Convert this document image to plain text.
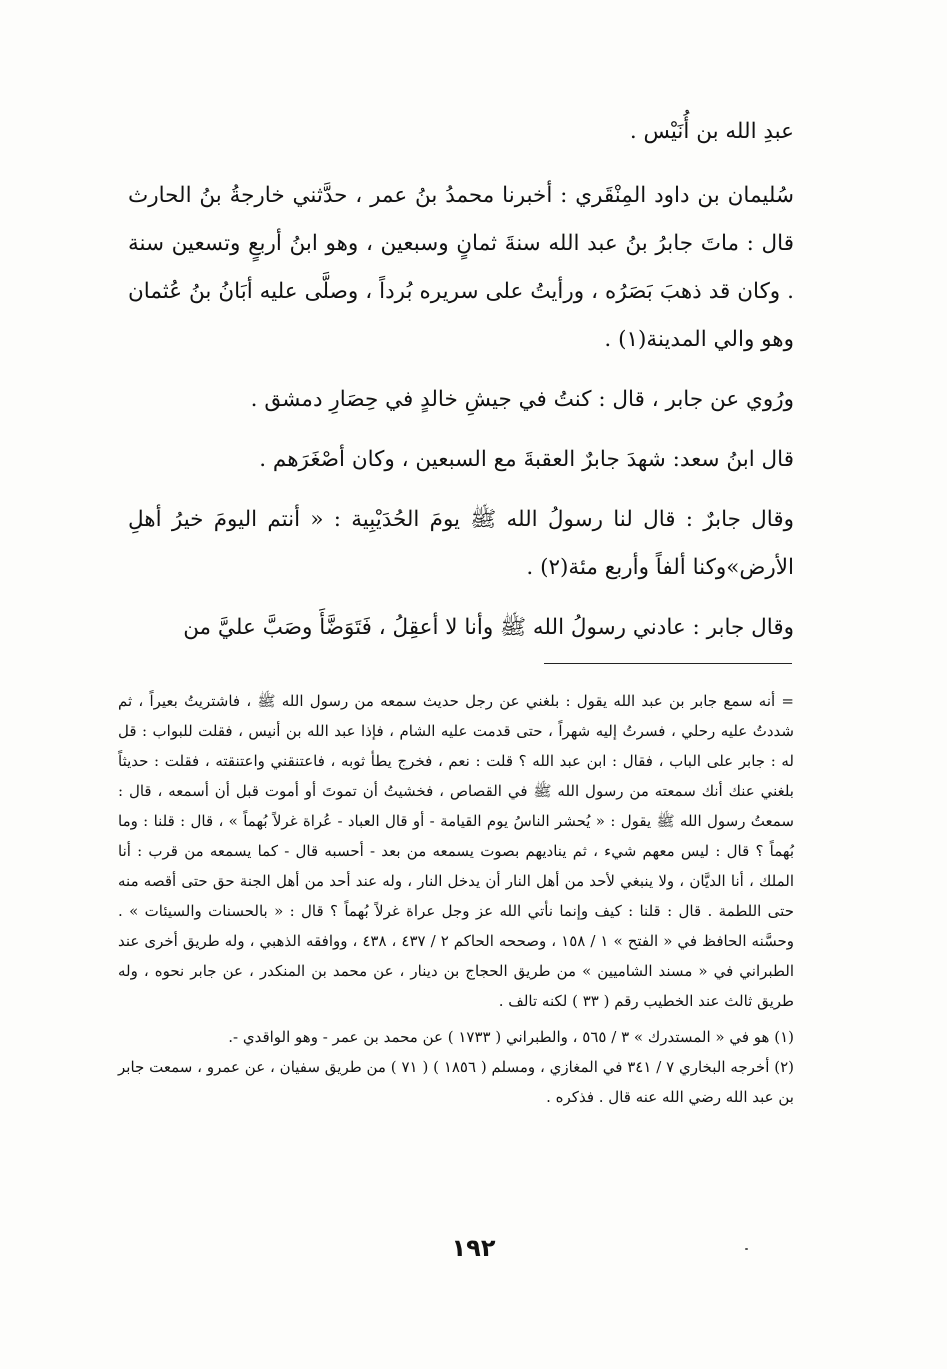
عبدِ الله بن أُنَيْس .

سُليمان بن داود المِنْقَري : أخبرنا محمدُ بنُ عمر ، حدَّثني خارجةُ بنُ الحارث قال : ماتَ جابرُ بنُ عبد الله سنةَ ثمانٍ وسبعين ، وهو ابنُ أربعٍ وتسعين سنة . وكان قد ذهبَ بَصَرُه ، ورأيتُ على سريره بُرداً ، وصلَّى عليه أبَانُ بنُ عُثمان وهو والي المدينة(١) .

ورُوي عن جابر ، قال : كنتُ في جيشِ خالدٍ في حِصَارِ دمشق .

قال ابنُ سعد: شهدَ جابرٌ العقبةَ مع السبعين ، وكان أصْغَرَهم .

وقال جابرٌ : قال لنا رسولُ الله ﷺ يومَ الحُدَيْبِية : « أنتم اليومَ خيرُ أهلِ الأرض»وكنا ألفاً وأربع مئة(٢) .

وقال جابر : عادني رسولُ الله ﷺ وأنا لا أعقِلُ ، فَتَوَضَّأَ وصَبَّ عليَّ من

= أنه سمع جابر بن عبد الله يقول : بلغني عن رجل حديث سمعه من رسول الله ﷺ ، فاشتريتُ بعيراً ، ثم شددتُ عليه رحلي ، فسرتُ إليه شهراً ، حتى قدمت عليه الشام ، فإذا عبد الله بن أنيس ، فقلت للبواب : قل له : جابر على الباب ، فقال : ابن عبد الله ؟ قلت : نعم ، فخرج يطأ ثوبه ، فاعتنقني واعتنقته ، فقلت : حديثاً بلغني عنك أنك سمعته من رسول الله ﷺ في القصاص ، فخشيتُ أن تموتَ أو أموت قبل أن أسمعه ، قال : سمعتُ رسول الله ﷺ يقول : « يُحشر الناسُ يوم القيامة - أو قال العباد - عُراة غرلاً بُهماً » ، قال : قلنا : وما بُهماً ؟ قال : ليس معهم شيء ، ثم يناديهم بصوت يسمعه من بعد - أحسبه قال - كما يسمعه من قرب : أنا الملك ، أنا الديَّان ، ولا ينبغي لأحد من أهل النار أن يدخل النار ، وله عند أحد من أهل الجنة حق حتى أقصه منه حتى اللطمة . قال : قلنا : كيف وإنما نأتي الله عز وجل عراة غرلاً بُهماً ؟ قال : « بالحسنات والسيئات » . وحسَّنه الحافظ في « الفتح » ١ / ١٥٨ ، وصححه الحاكم ٢ / ٤٣٧ ، ٤٣٨ ، ووافقه الذهبي ، وله طريق أخرى عند الطبراني في « مسند الشاميين » من طريق الحجاج بن دينار ، عن محمد بن المنكدر ، عن جابر نحوه ، وله طريق ثالث عند الخطيب رقم ( ٣٣ ) لكنه تالف .

(١) هو في « المستدرك » ٣ / ٥٦٥ ، والطبراني ( ١٧٣٣ ) عن محمد بن عمر - وهو الواقدي -.

(٢) أخرجه البخاري ٧ / ٣٤١ في المغازي ، ومسلم ( ١٨٥٦ ) ( ٧١ ) من طريق سفيان ، عن عمرو ، سمعت جابر بن عبد الله رضي الله عنه قال . فذكره .

١٩٢
